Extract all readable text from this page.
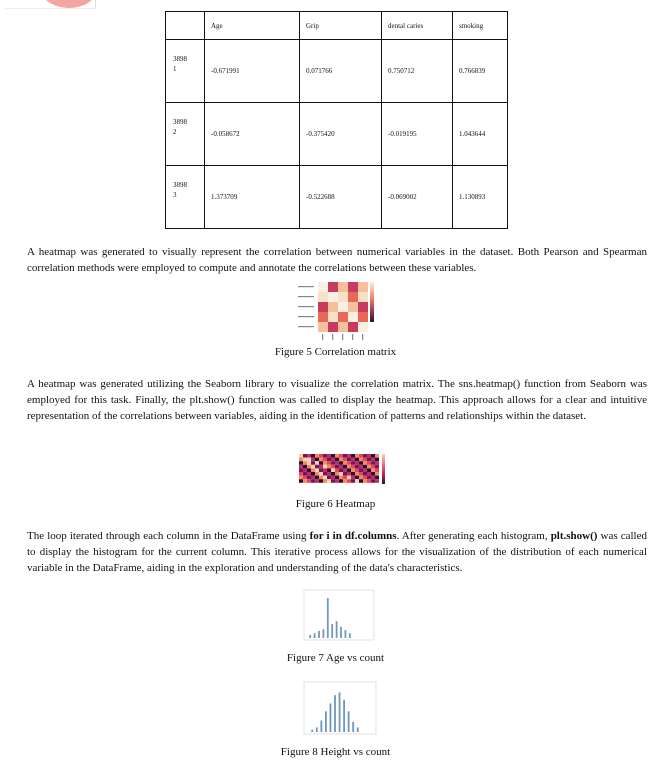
	Age	Grip	dental caries	smoking
3898
1	-0.671991	0.071766	0.750712	0.766839
3898
2	-0.058672	-0.375420	-0.019195	1.043644
3898
3	1.373709	-0.522688	-0.069002	1.130893

A heatmap was generated to visually represent the correlation between numerical variables in the dataset. Both Pearson and Spearman correlation methods were employed to compute and annotate the correlations between these variables.

Figure 5 Correlation matrix

A heatmap was generated utilizing the Seaborn library to visualize the correlation matrix. The sns.heatmap() function from Seaborn was employed for this task. Finally, the plt.show() function was called to display the heatmap. This approach allows for a clear and intuitive representation of the correlations between variables, aiding in the identification of patterns and relationships within the dataset.

Figure 6 Heatmap

The loop iterated through each column in the DataFrame using for i in df.columns. After generating each histogram, plt.show() was called to display the histogram for the current column. This iterative process allows for the visualization of the distribution of each numerical variable in the DataFrame, aiding in the exploration and understanding of the data's characteristics.

Figure 7 Age vs count

Figure 8 Height vs count
